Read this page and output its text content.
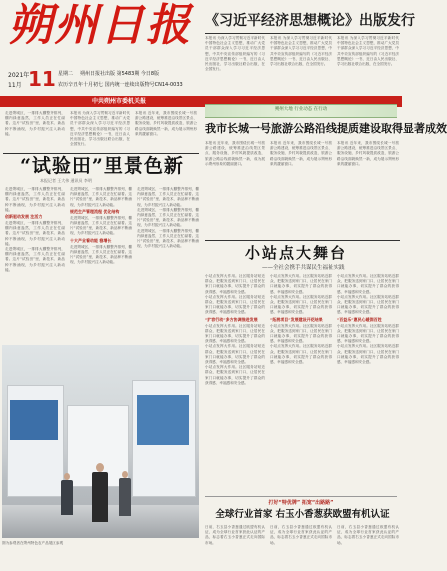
朔州日报
2021年
11月 11 星期二 朔州日报社出版 第5483期 今日8版
农历辛丑年十月初七 国内统一连续出版物号CN14-0033
中共朔州市委机关报
《习近平经济思想概论》出版发行

本报讯 为深入学习贯彻习近平新时代中国特色社会主义思想，推动广大党员干部群众深入学习习近平经济思想，中共中央宣传部组织编写的《习近平经济思想概论》一书，近日由人民出版社、学习出版社联合出版，在全国发行。

本报讯 为深入学习贯彻习近平新时代中国特色社会主义思想，推动广大党员干部群众深入学习习近平经济思想，中共中央宣传部组织编写的《习近平经济思想概论》一书，近日由人民出版社、学习出版社联合出版，在全国发行。

本报讯 为深入学习贯彻习近平新时代中国特色社会主义思想，推动广大党员干部群众深入学习习近平经济思想，中共中央宣传部组织编写的《习近平经济思想概论》一书，近日由人民出版社、学习出版社联合出版，在全国发行。

走进朔城区，一排排大棚整齐排列，棚内绿意盎然，工作人员正在忙碌着。这片“试验田”里，新技术、新品种不断涌现，为乡村振兴注入新动能。

本报讯 为深入学习贯彻习近平新时代中国特色社会主义思想，推动广大党员干部群众深入学习习近平经济思想，中共中央宣传部组织编写的《习近平经济思想概论》一书，近日由人民出版社、学习出版社联合出版，在全国发行。

本报讯 近年来，我市围绕长城一号旅游公路建设，统筹推进沿线景区景点、服务设施、乡村风貌提质改造，旅游公路沿线面貌焕然一新，成为展示朔州形象的靓丽窗口。

朔州大地 行业动态 在行动
我市长城一号旅游公路沿线提质建设取得显著成效

本报讯 近年来，我市围绕长城一号旅游公路建设，统筹推进沿线景区景点、服务设施、乡村风貌提质改造，旅游公路沿线面貌焕然一新，成为展示朔州形象的靓丽窗口。

本报讯 近年来，我市围绕长城一号旅游公路建设，统筹推进沿线景区景点、服务设施、乡村风貌提质改造，旅游公路沿线面貌焕然一新，成为展示朔州形象的靓丽窗口。

本报讯 近年来，我市围绕长城一号旅游公路建设，统筹推进沿线景区景点、服务设施、乡村风貌提质改造，旅游公路沿线面貌焕然一新，成为展示朔州形象的靓丽窗口。

“试验田”里景色新
本报记者 王大伟 通讯员 李明

走进朔城区，一排排大棚整齐排列，棚内绿意盎然，工作人员正在忙碌着。这片“试验田”里，新技术、新品种不断涌现，为乡村振兴注入新动能。

创新驱动发展 注活力

走进朔城区，一排排大棚整齐排列，棚内绿意盎然，工作人员正在忙碌着。这片“试验田”里，新技术、新品种不断涌现，为乡村振兴注入新动能。

走进朔城区，一排排大棚整齐排列，棚内绿意盎然，工作人员正在忙碌着。这片“试验田”里，新技术、新品种不断涌现，为乡村振兴注入新动能。

走进朔城区，一排排大棚整齐排列，棚内绿意盎然，工作人员正在忙碌着。这片“试验田”里，新技术、新品种不断涌现，为乡村振兴注入新动能。

规范生产管理流程 优化结构

走进朔城区，一排排大棚整齐排列，棚内绿意盎然，工作人员正在忙碌着。这片“试验田”里，新技术、新品种不断涌现，为乡村振兴注入新动能。

十大产业看动能 稳增长

走进朔城区，一排排大棚整齐排列，棚内绿意盎然，工作人员正在忙碌着。这片“试验田”里，新技术、新品种不断涌现，为乡村振兴注入新动能。

走进朔城区，一排排大棚整齐排列，棚内绿意盎然，工作人员正在忙碌着。这片“试验田”里，新技术、新品种不断涌现，为乡村振兴注入新动能。

走进朔城区，一排排大棚整齐排列，棚内绿意盎然，工作人员正在忙碌着。这片“试验田”里，新技术、新品种不断涌现，为乡村振兴注入新动能。

走进朔城区，一排排大棚整齐排列，棚内绿意盎然，工作人员正在忙碌着。这片“试验田”里，新技术、新品种不断涌现，为乡村振兴注入新动能。	小站点大舞台
——全社会携手共谋民生福祉实践

小站点发挥大作用。社区服务站贴近群众，把服务送到家门口，让居民在家门口就能办事，切实提升了群众的获得感、幸福感和安全感。

小站点发挥大作用。社区服务站贴近群众，把服务送到家门口，让居民在家门口就能办事，切实提升了群众的获得感、幸福感和安全感。

“扩容行动”多方协调推进发展

小站点发挥大作用。社区服务站贴近群众，把服务送到家门口，让居民在家门口就能办事，切实提升了群众的获得感、幸福感和安全感。

小站点发挥大作用。社区服务站贴近群众，把服务送到家门口，让居民在家门口就能办事，切实提升了群众的获得感、幸福感和安全感。

小站点发挥大作用。社区服务站贴近群众，把服务送到家门口，让居民在家门口就能办事，切实提升了群众的获得感、幸福感和安全感。

小站点发挥大作用。社区服务站贴近群众，把服务送到家门口，让居民在家门口就能办事，切实提升了群众的获得感、幸福感和安全感。

小站点发挥大作用。社区服务站贴近群众，把服务送到家门口，让居民在家门口就能办事，切实提升了群众的获得感、幸福感和安全感。

“拓展项目”发展建设开花结果

小站点发挥大作用。社区服务站贴近群众，把服务送到家门口，让居民在家门口就能办事，切实提升了群众的获得感、幸福感和安全感。

小站点发挥大作用。社区服务站贴近群众，把服务送到家门口，让居民在家门口就能办事，切实提升了群众的获得感、幸福感和安全感。

小站点发挥大作用。社区服务站贴近群众，把服务送到家门口，让居民在家门口就能办事，切实提升了群众的获得感、幸福感和安全感。

小站点发挥大作用。社区服务站贴近群众，把服务送到家门口，让居民在家门口就能办事，切实提升了群众的获得感、幸福感和安全感。

“百益乐”惠民心暖润百姓

小站点发挥大作用。社区服务站贴近群众，把服务送到家门口，让居民在家门口就能办事，切实提升了群众的获得感、幸福感和安全感。

小站点发挥大作用。社区服务站贴近群众，把服务送到家门口，让居民在家门口就能办事，切实提升了群众的获得感、幸福感和安全感。

打好“特优牌” 拓宽“出路路”
全球行业首家 右玉小香葱获欧盟有机认证

日前，右玉县小香葱通过欧盟有机认证，成为全球行业首家获此认证的产品，标志着右玉小香葱正式走向国际市场。

日前，右玉县小香葱通过欧盟有机认证，成为全球行业首家获此认证的产品，标志着右玉小香葱正式走向国际市场。

日前，右玉县小香葱通过欧盟有机认证，成为全球行业首家获此认证的产品，标志着右玉小香葱正式走向国际市场。

图为参观者在朔州特色农产品展区参观
